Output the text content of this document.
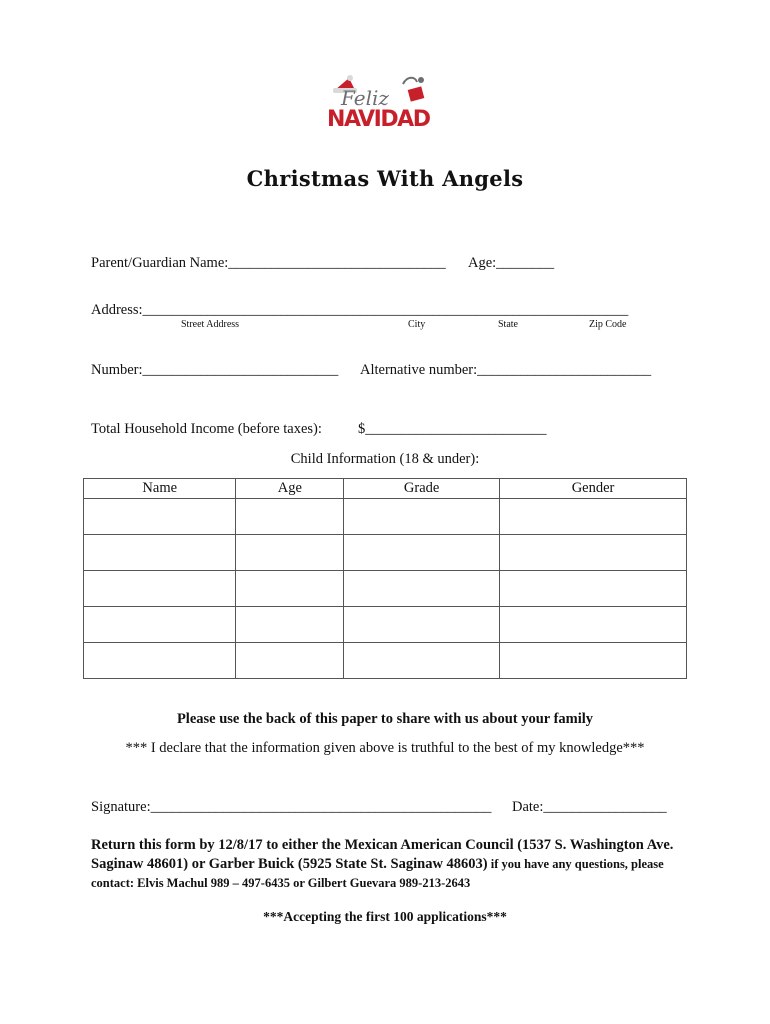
Feliz
NAVIDAD
Christmas With Angels
Parent/Guardian Name:______________________________ Age:________
Address:___________________________________________________________________
Street Address	City	State	Zip Code
Number:___________________________ Alternative number:________________________
Total Household Income (before taxes): $_________________________
Child Information (18 & under):
Name	Age	Grade	Gender

Please use the back of this paper to share with us about your family
*** I declare that the information given above is truthful to the best of my knowledge***
Signature:_______________________________________________ Date:_________________
Return this form by 12/8/17 to either the Mexican American Council (1537 S. Washington Ave. Saginaw 48601) or Garber Buick (5925 State St. Saginaw 48603) if you have any questions, please contact: Elvis Machul 989 – 497-6435 or Gilbert Guevara 989-213-2643
***Accepting the first 100 applications***
